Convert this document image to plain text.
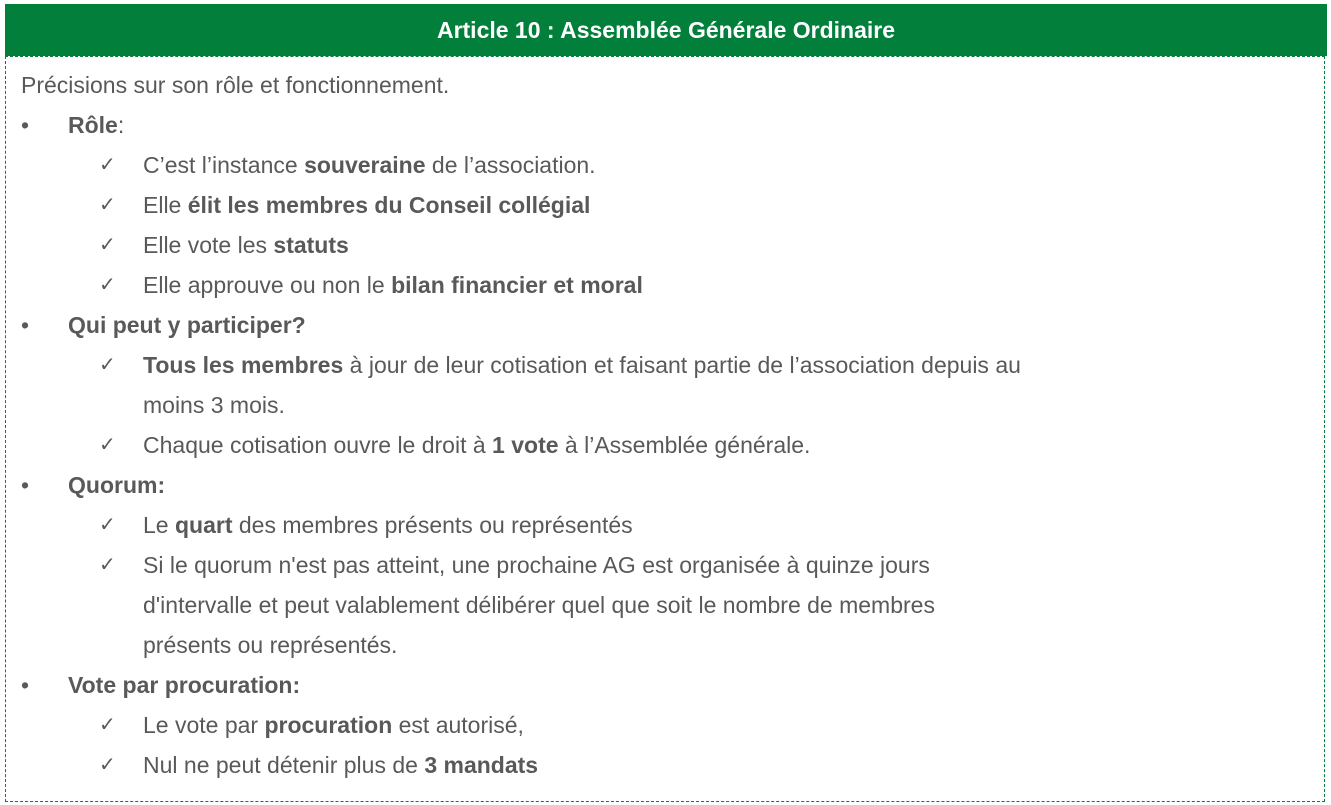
Article 10 : Assemblée Générale Ordinaire
Précisions sur son rôle et fonctionnement.
• Rôle:
✓ C’est l’instance souveraine de l’association.
✓ Elle élit les membres du Conseil collégial
✓ Elle vote les statuts
✓ Elle approuve ou non le bilan financier et moral
• Qui peut y participer?
✓ Tous les membres à jour de leur cotisation et faisant partie de l’association depuis au
moins 3 mois.
✓ Chaque cotisation ouvre le droit à 1 vote à l’Assemblée générale.
• Quorum:
✓ Le quart des membres présents ou représentés
✓ Si le quorum n'est pas atteint, une prochaine AG est organisée à quinze jours
d'intervalle et peut valablement délibérer quel que soit le nombre de membres
présents ou représentés.
• Vote par procuration:
✓ Le vote par procuration est autorisé,
✓ Nul ne peut détenir plus de 3 mandats
